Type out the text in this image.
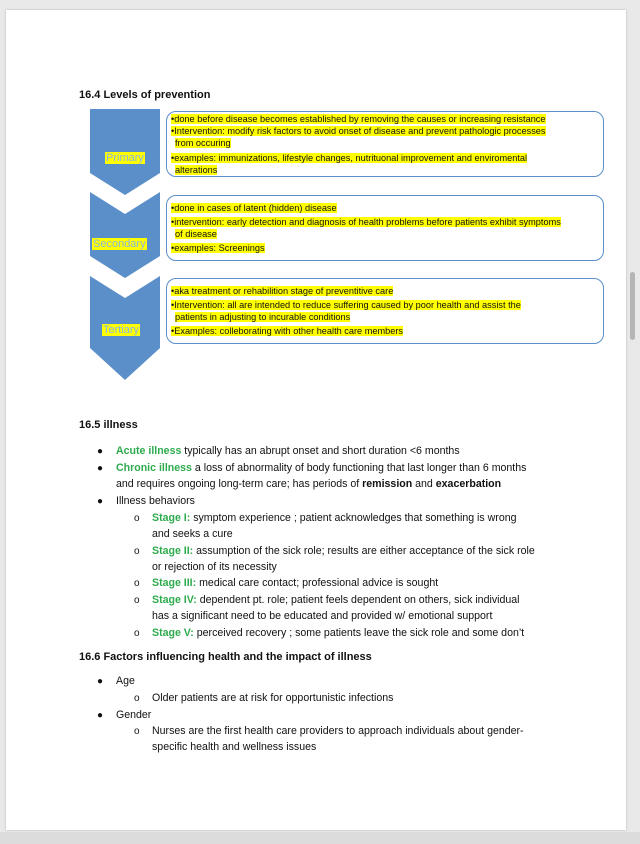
16.4 Levels of prevention
Primary
•done before disease becomes established by removing the causes or increasing resistance
•Intervention: modify risk factors to avoid onset of disease and prevent pathologic processes
from occuring
•examples: immunizations, lifestyle changes, nutrituonal improvement and enviromental
alterations
Secondary
•done in cases of latent (hidden) disease
•intervention: early detection and diagnosis of health problems before patients exhibit symptoms
of disease
•examples: Screenings
Tertiary
•aka treatment or rehabilition stage of preventitive care
•Intervention: all are intended to reduce suffering caused by poor health and assist the
patients in adjusting to incurable conditions
•Examples: colleborating with other health care members
16.5 illness
● Acute illness typically has an abrupt onset and short duration <6 months
● Chronic illness a loss of abnormality of body functioning that last longer than 6 months
and requires ongoing long-term care; has periods of remission and exacerbation
● Illness behaviors
o Stage I: symptom experience ; patient acknowledges that something is wrong
and seeks a cure
o Stage II: assumption of the sick role; results are either acceptance of the sick role
or rejection of its necessity
o Stage III: medical care contact; professional advice is sought
o Stage IV: dependent pt. role; patient feels dependent on others, sick individual
has a significant need to be educated and provided w/ emotional support
o Stage V: perceived recovery ; some patients leave the sick role and some don’t
16.6 Factors influencing health and the impact of illness
● Age
o Older patients are at risk for opportunistic infections
● Gender
o Nurses are the first health care providers to approach individuals about gender-
specific health and wellness issues
